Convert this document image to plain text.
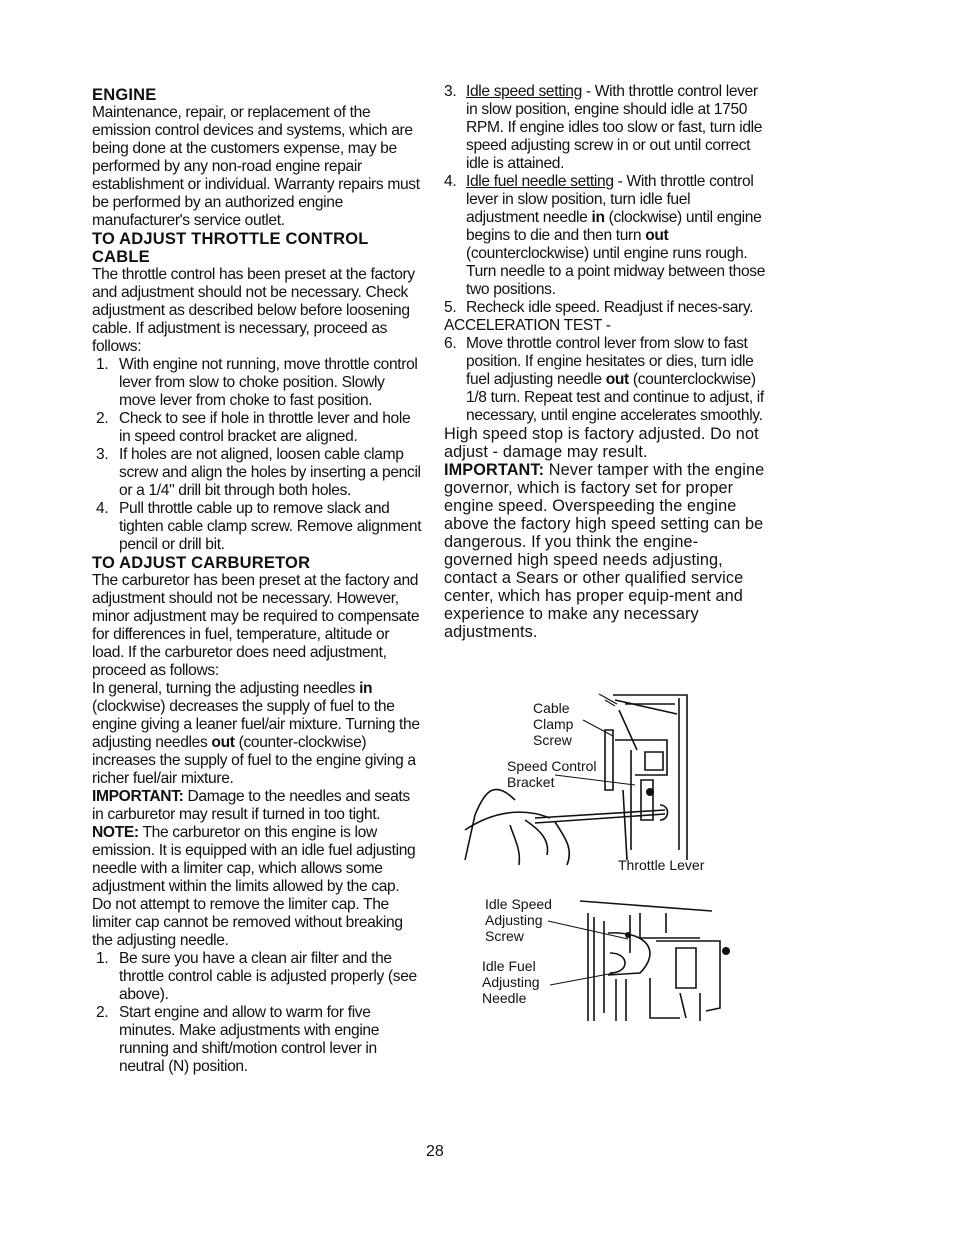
ENGINE

Maintenance, repair, or replacement of the emission control devices and systems, which are being done at the customers expense, may be performed by any non-road engine repair establishment or individual. Warranty repairs must be performed by an authorized engine manufacturer's service outlet.

TO ADJUST THROTTLE CONTROL CABLE

The throttle control has been preset at the factory and adjustment should not be necessary. Check adjustment as described below before loosening cable. If adjustment is necessary, proceed as follows:

1. With engine not running, move throttle control lever from slow to choke position. Slowly move lever from choke to fast position.
2. Check to see if hole in throttle lever and hole in speed control bracket are aligned.
3. If holes are not aligned, loosen cable clamp screw and align the holes by inserting a pencil or a 1/4" drill bit through both holes.
4. Pull throttle cable up to remove slack and tighten cable clamp screw. Remove alignment pencil or drill bit.

TO ADJUST CARBURETOR

The carburetor has been preset at the factory and adjustment should not be necessary. However, minor adjustment may be required to compensate for differences in fuel, temperature, altitude or load. If the carburetor does need adjustment, proceed as follows:

In general, turning the adjusting needles in (clockwise) decreases the supply of fuel to the engine giving a leaner fuel/air mixture. Turning the adjusting needles out (counter-clockwise) increases the supply of fuel to the engine giving a richer fuel/air mixture.

IMPORTANT: Damage to the needles and seats in carburetor may result if turned in too tight.

NOTE: The carburetor on this engine is low emission. It is equipped with an idle fuel adjusting needle with a limiter cap, which allows some adjustment within the limits allowed by the cap. Do not attempt to remove the limiter cap. The limiter cap cannot be removed without breaking the adjusting needle.

1. Be sure you have a clean air filter and the throttle control cable is adjusted properly (see above).
2. Start engine and allow to warm for five minutes. Make adjustments with engine running and shift/motion control lever in neutral (N) position.
3. Idle speed setting - With throttle control lever in slow position, engine should idle at 1750 RPM. If engine idles too slow or fast, turn idle speed adjusting screw in or out until correct idle is attained.
4. Idle fuel needle setting - With throttle control lever in slow position, turn idle fuel adjustment needle in (clockwise) until engine begins to die and then turn out (counterclockwise) until engine runs rough. Turn needle to a point midway between those two positions.
5. Recheck idle speed. Readjust if neces-sary.

ACCELERATION TEST -

6. Move throttle control lever from slow to fast position. If engine hesitates or dies, turn idle fuel adjusting needle out (counterclockwise) 1/8 turn. Repeat test and continue to adjust, if necessary, until engine accelerates smoothly.

High speed stop is factory adjusted. Do not adjust - damage may result.

IMPORTANT: Never tamper with the engine governor, which is factory set for proper engine speed. Overspeeding the engine above the factory high speed setting can be dangerous. If you think the engine-governed high speed needs adjusting, contact a Sears or other qualified service center, which has proper equip-ment and experience to make any necessary adjustments.

Cable
Clamp
Screw
Speed Control
Bracket
Throttle Lever
Idle Speed
Adjusting
Screw
Idle Fuel
Adjusting
Needle
28
